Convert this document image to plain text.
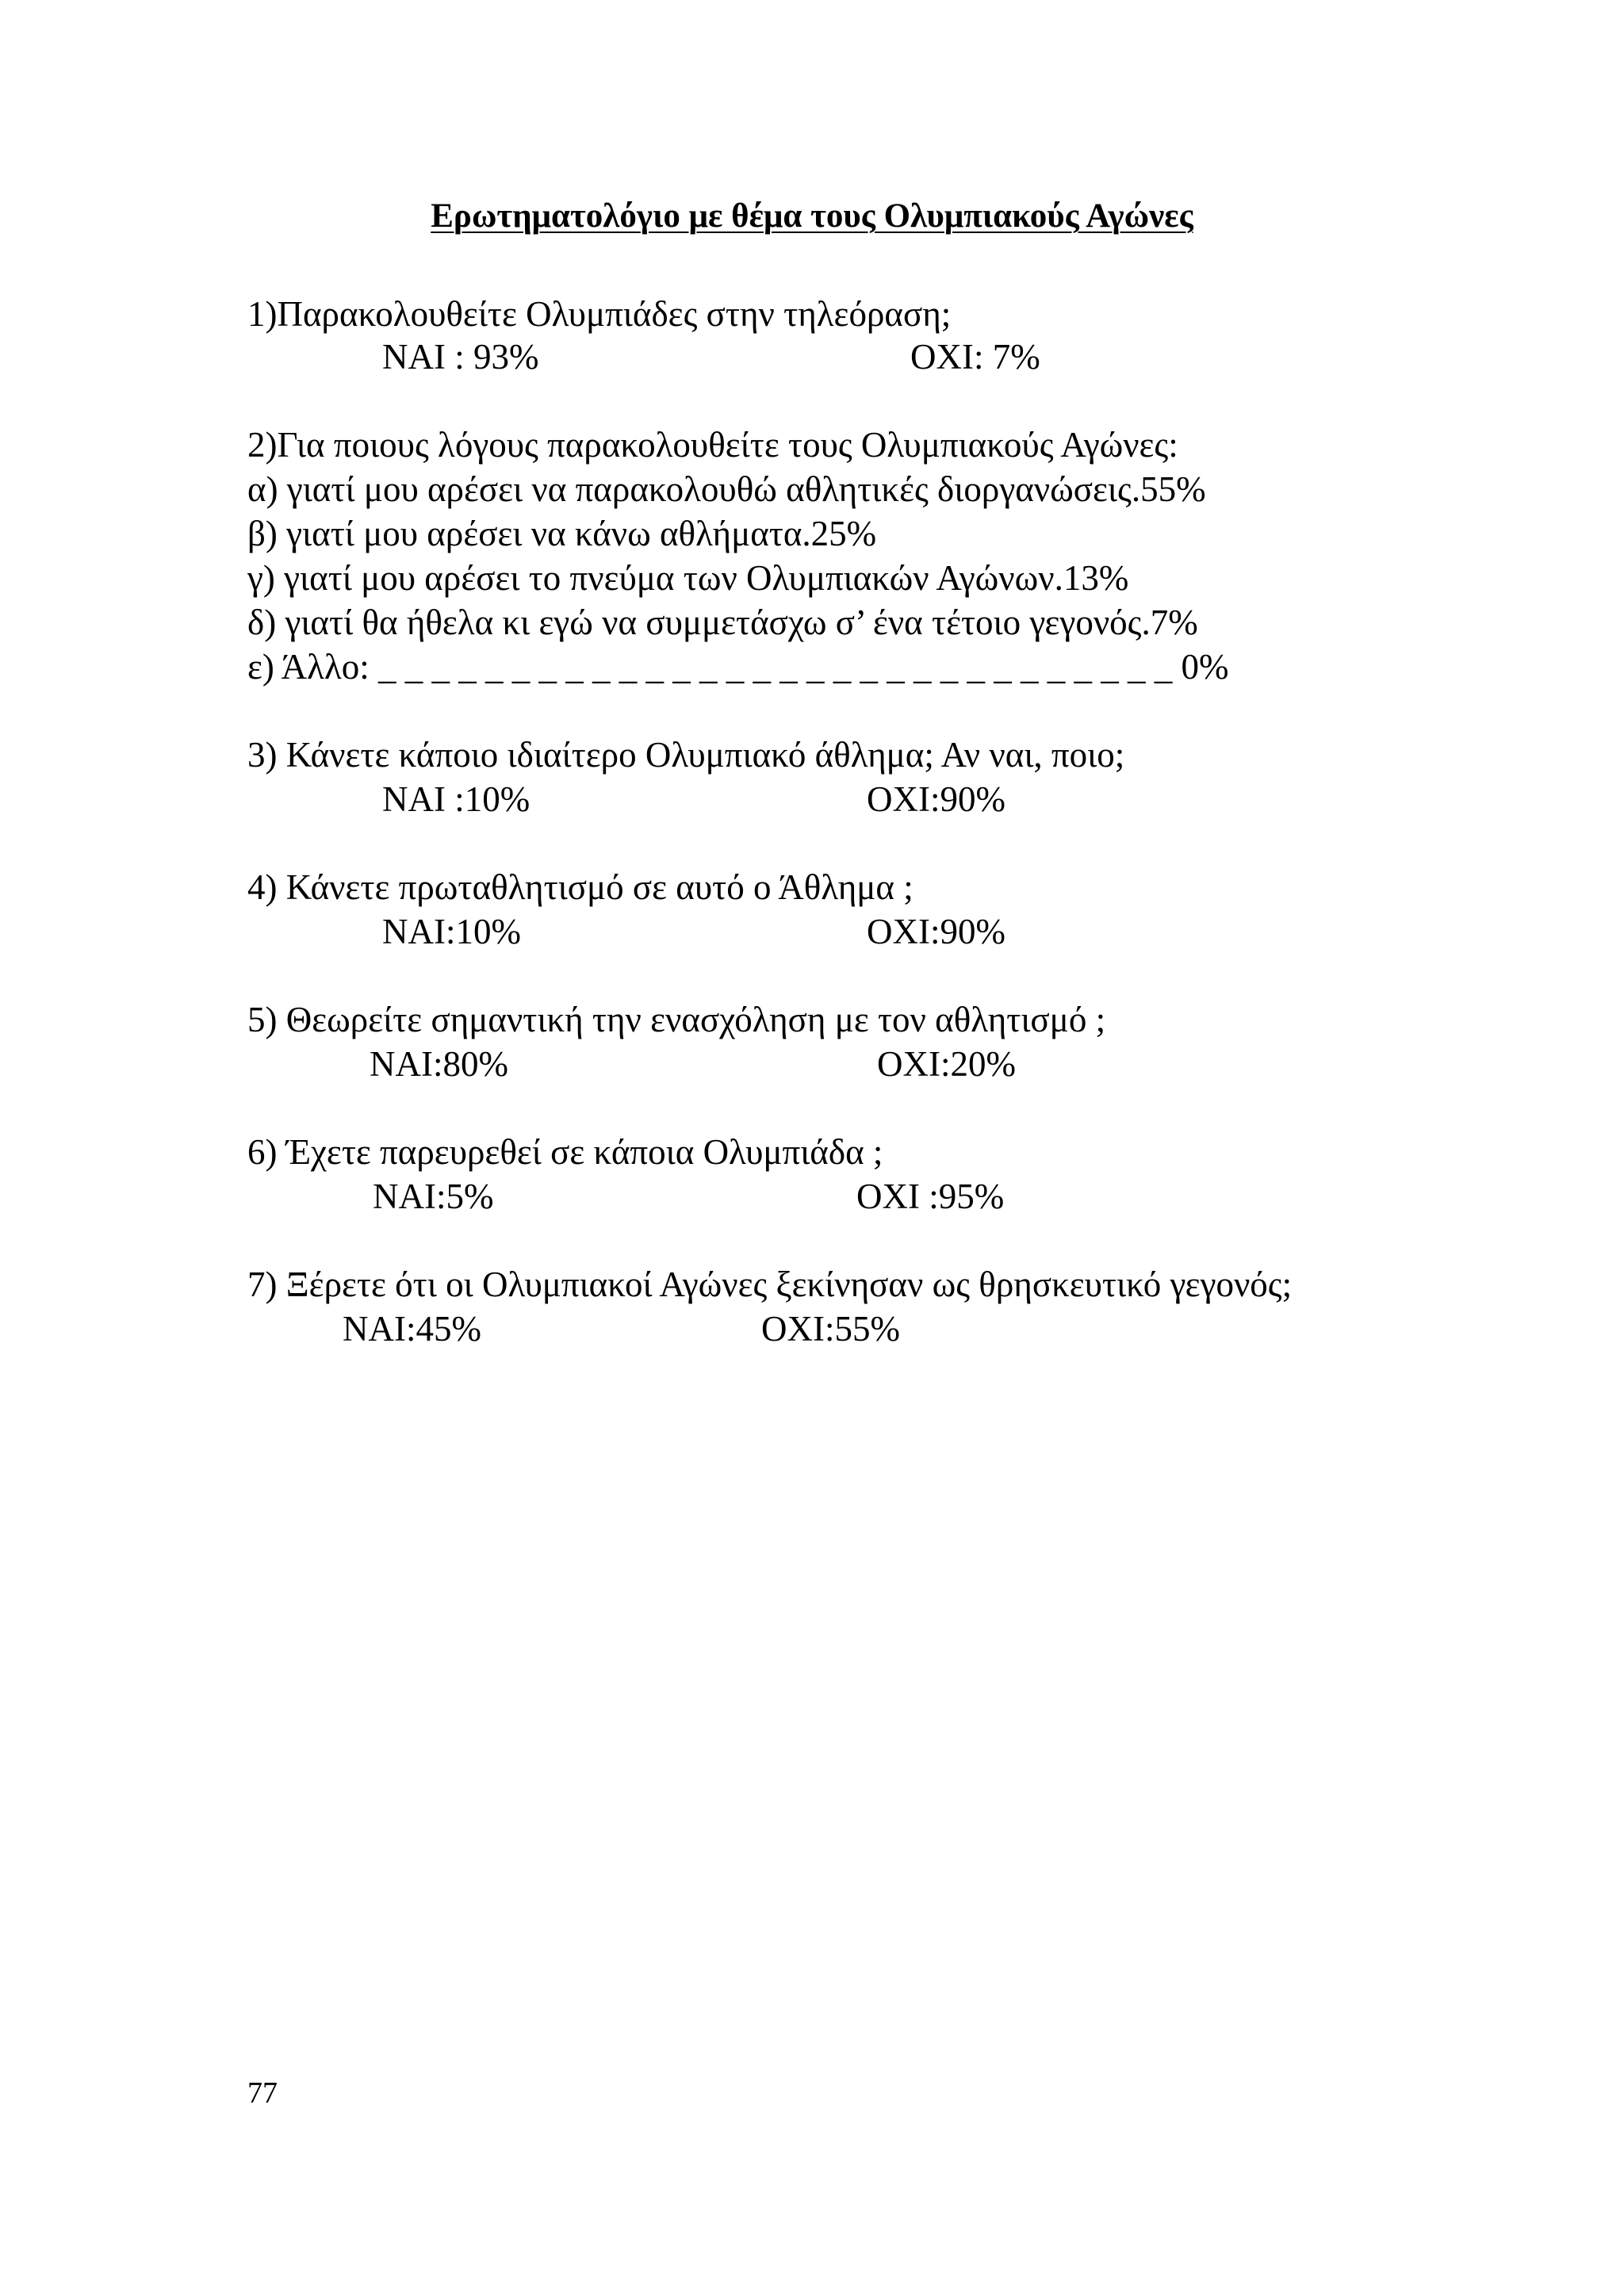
Ερωτηματολόγιο με θέμα τους Ολυμπιακούς Αγώνες
1)Παρακολουθείτε Ολυμπιάδες στην τηλεόραση;
ΝΑΙ : 93%	ΟΧΙ: 7%
2)Για ποιους λόγους παρακολουθείτε τους Ολυμπιακούς Αγώνες:
α) γιατί μου αρέσει να παρακολουθώ αθλητικές διοργανώσεις.55%
β) γιατί μου αρέσει να κάνω αθλήματα.25%
γ) γιατί μου αρέσει το πνεύμα των Ολυμπιακών Αγώνων.13%
δ) γιατί θα ήθελα κι εγώ να συμμετάσχω σ’ ένα τέτοιο γεγονός.7%
ε) Άλλο: _ _ _ _ _ _ _ _ _ _ _ _ _ _ _ _ _ _ _ _ _ _ _ _ _ _ _ _ _ _ 0%
3) Κάνετε κάποιο ιδιαίτερο Ολυμπιακό άθλημα; Αν ναι, ποιο;
ΝΑΙ :10%	ΟΧΙ:90%
4) Κάνετε πρωταθλητισμό σε αυτό ο Άθλημα ;
ΝΑΙ:10%	ΟΧΙ:90%
5) Θεωρείτε σημαντική την ενασχόληση με τον αθλητισμό ;
ΝΑΙ:80%	ΟΧΙ:20%
6) Έχετε παρευρεθεί σε κάποια Ολυμπιάδα ;
ΝΑΙ:5%	ΟΧΙ :95%
7) Ξέρετε ότι οι Ολυμπιακοί Αγώνες ξεκίνησαν ως θρησκευτικό γεγονός;
ΝΑΙ:45%	ΟΧΙ:55%
77
